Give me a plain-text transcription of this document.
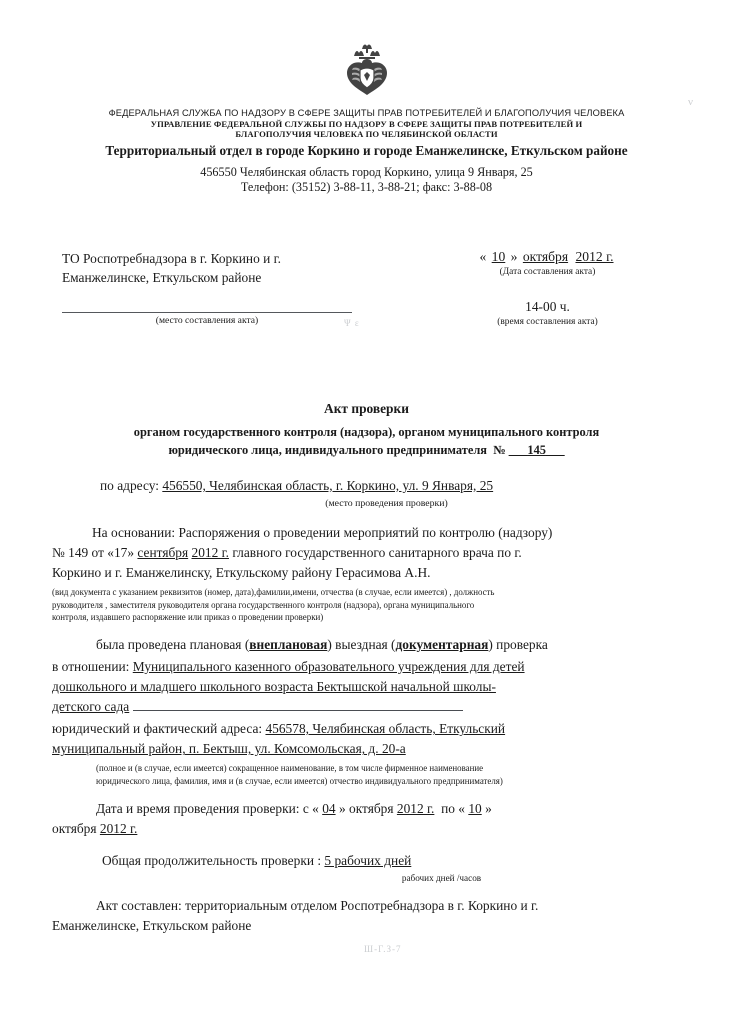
ФЕДЕРАЛЬНАЯ СЛУЖБА ПО НАДЗОРУ В СФЕРЕ ЗАЩИТЫ ПРАВ ПОТРЕБИТЕЛЕЙ И БЛАГОПОЛУЧИЯ ЧЕЛОВЕКА
УПРАВЛЕНИЕ ФЕДЕРАЛЬНОЙ СЛУЖБЫ ПО НАДЗОРУ В СФЕРЕ ЗАЩИТЫ ПРАВ ПОТРЕБИТЕЛЕЙ И
БЛАГОПОЛУЧИЯ ЧЕЛОВЕКА ПО ЧЕЛЯБИНСКОЙ ОБЛАСТИ
Территориальный отдел в городе Коркино и городе Еманжелинске, Еткульском районе
456550 Челябинская область город Коркино, улица 9 Января, 25
Телефон: (35152) 3-88-11, 3-88-21; факс: 3-88-08
ТО Роспотребнадзора в г. Коркино и г.
Еманжелинске, Еткульском районе
(место составления акта)
« 10 » октября 2012 г.
(Дата составления акта)
14-00 ч.
(время составления акта)
Акт проверки
органом государственного контроля (надзора), органом муниципального контроля
юридического лица, индивидуального предпринимателя № ___145___
по адресу: 456550, Челябинская область, г. Коркино, ул. 9 Января, 25
(место проведения проверки)
На основании: Распоряжения о проведении мероприятий по контролю (надзору)
№ 149 от «17» сентября 2012 г. главного государственного санитарного врача по г.
Коркино и г. Еманжелинску, Еткульскому району Герасимова А.Н.
(вид документа с указанием реквизитов (номер, дата),фамилии,имени, отчества (в случае, если имеется) , должность
руководителя , заместителя руководителя органа государственного контроля (надзора), органа муниципального
контроля, издавшего распоряжение или приказ о проведении проверки)
была проведена плановая (внеплановая) выездная (документарная) проверка
в отношении: Муниципального казенного образовательного учреждения для детей
дошкольного и младшего школьного возраста Бектышской начальной школы-
детского сада
юридический и фактический адреса: 456578, Челябинская область, Еткульский
муниципальный район, п. Бектыш, ул. Комсомольская, д. 20-а
(полное и (в случае, если имеется) сокращенное наименование, в том числе фирменное наименование
юридического лица, фамилия, имя и (в случае, если имеется) отчество индивидуального предпринимателя)
Дата и время проведения проверки: с « 04 » октября 2012 г. по « 10 »
октября 2012 г.
Общая продолжительность проверки : 5 рабочих дней
рабочих дней /часов
Акт составлен: территориальным отделом Роспотребнадзора в г. Коркино и г.
Еманжелинске, Еткульском районе
Ψ ε
Ш-Г.З-7
ν
